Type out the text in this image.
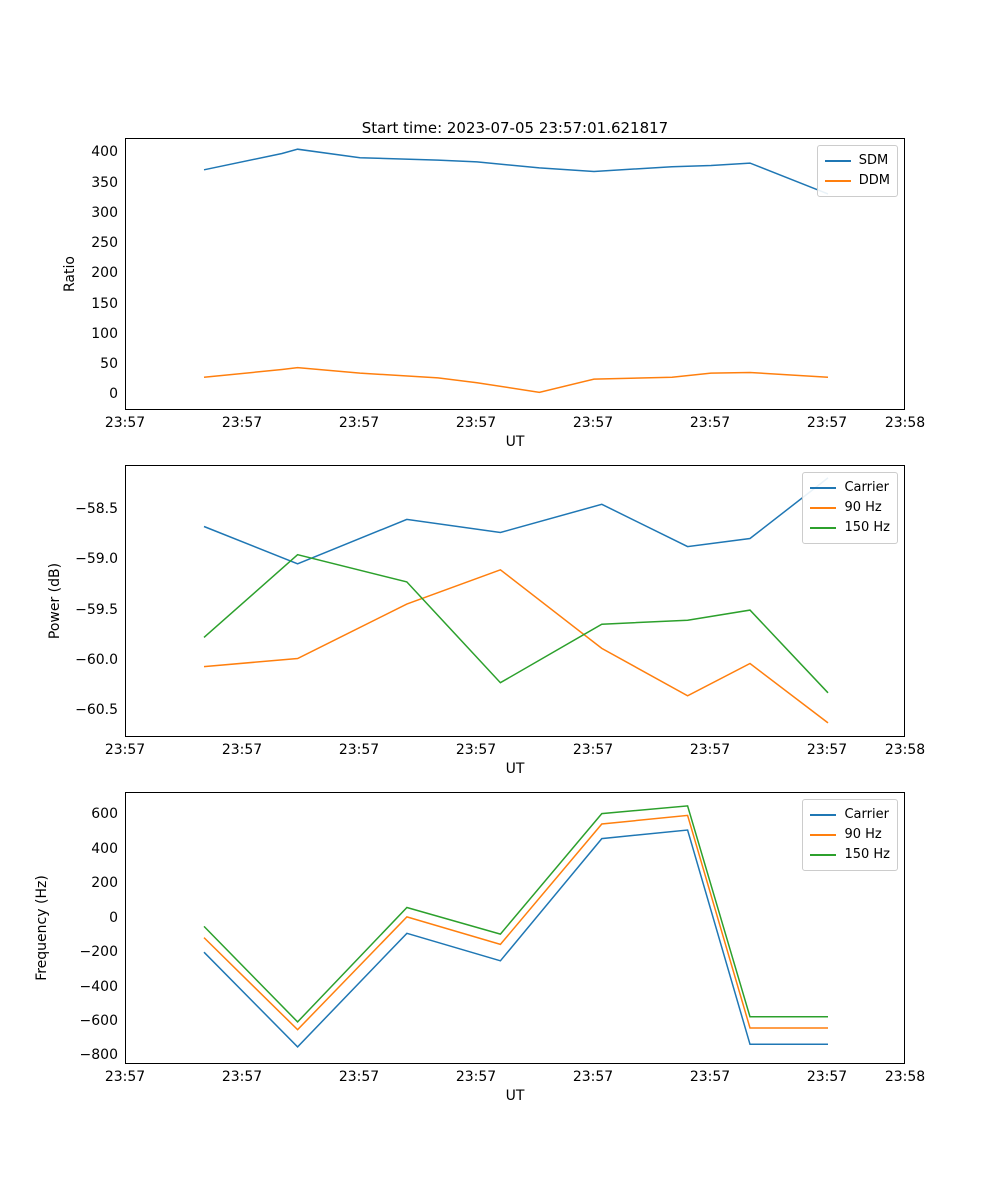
Start time: 2023-07-05 23:57:01.621817
SDM
DDM
0
50
100
150
200
250
300
350
400
23:57	23:57	23:57	23:57	23:57	23:57	23:57	23:58
UT
Ratio
Carrier
90 Hz
150 Hz
−60.5
−60.0
−59.5
−59.0
−58.5
23:57	23:57	23:57	23:57	23:57	23:57	23:57	23:58
UT
Power (dB)
Carrier
90 Hz
150 Hz
−800
−600
−400
−200
0
200
400
600
23:57	23:57	23:57	23:57	23:57	23:57	23:57	23:58
UT
Frequency (Hz)
